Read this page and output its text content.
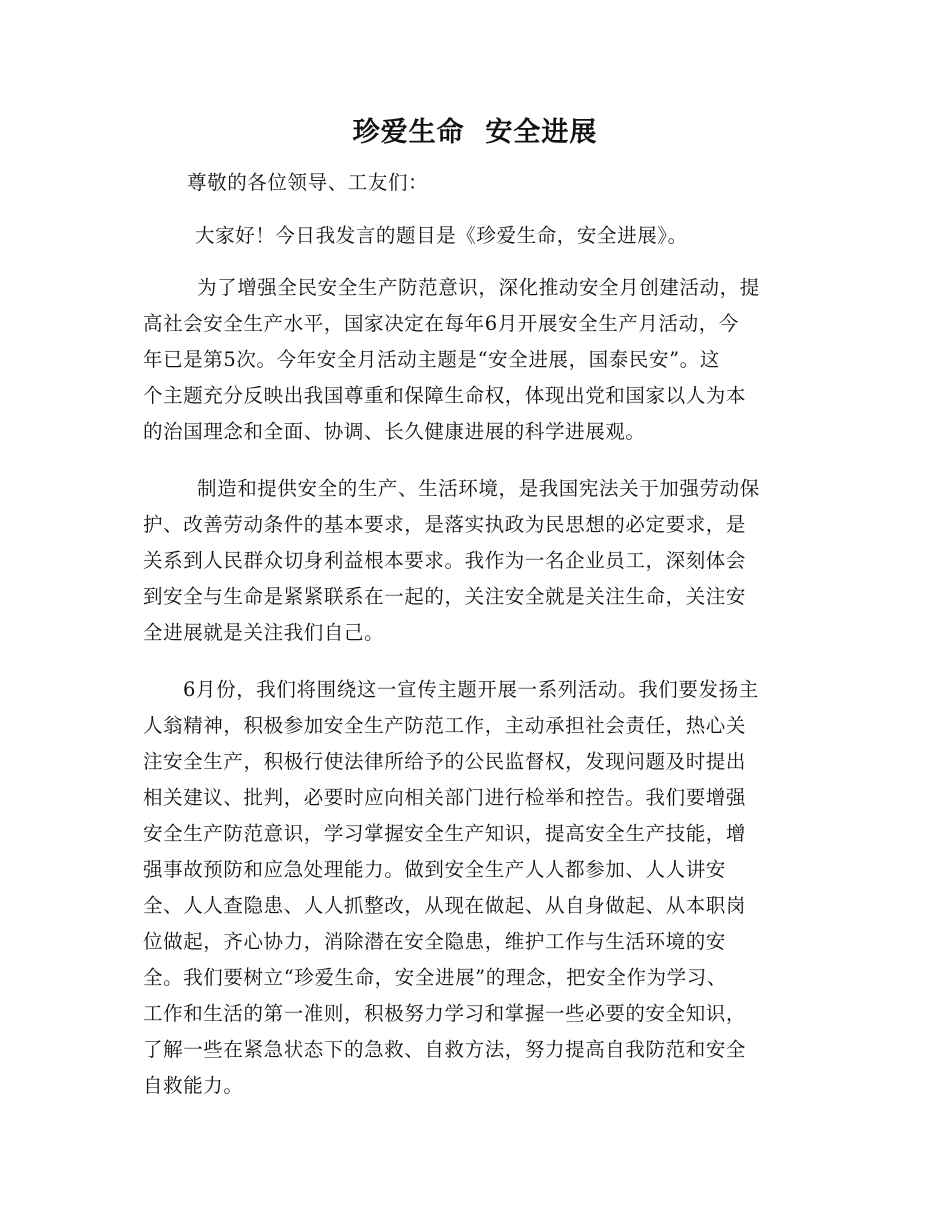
珍爱生命  安全进展
尊敬的各位领导、工友们：
大家好！今日我发言的题目是《珍爱生命，安全进展》。
为了增强全民安全生产防范意识，深化推动安全月创建活动，提
高社会安全生产水平，国家决定在每年6月开展安全生产月活动，今
年已是第5次。今年安全月活动主题是“安全进展，国泰民安”。这
个主题充分反映出我国尊重和保障生命权，体现出党和国家以人为本
的治国理念和全面、协调、长久健康进展的科学进展观。
制造和提供安全的生产、生活环境，是我国宪法关于加强劳动保
护、改善劳动条件的基本要求，是落实执政为民思想的必定要求，是
关系到人民群众切身利益根本要求。我作为一名企业员工，深刻体会
到安全与生命是紧紧联系在一起的，关注安全就是关注生命，关注安
全进展就是关注我们自己。
6月份，我们将围绕这一宣传主题开展一系列活动。我们要发扬主
人翁精神，积极参加安全生产防范工作，主动承担社会责任，热心关
注安全生产，积极行使法律所给予的公民监督权，发现问题及时提出
相关建议、批判，必要时应向相关部门进行检举和控告。我们要增强
安全生产防范意识，学习掌握安全生产知识，提高安全生产技能，增
强事故预防和应急处理能力。做到安全生产人人都参加、人人讲安
全、人人查隐患、人人抓整改，从现在做起、从自身做起、从本职岗
位做起，齐心协力，消除潜在安全隐患，维护工作与生活环境的安
全。我们要树立“珍爱生命，安全进展”的理念，把安全作为学习、
工作和生活的第一准则，积极努力学习和掌握一些必要的安全知识，
了解一些在紧急状态下的急救、自救方法，努力提高自我防范和安全
自救能力。
